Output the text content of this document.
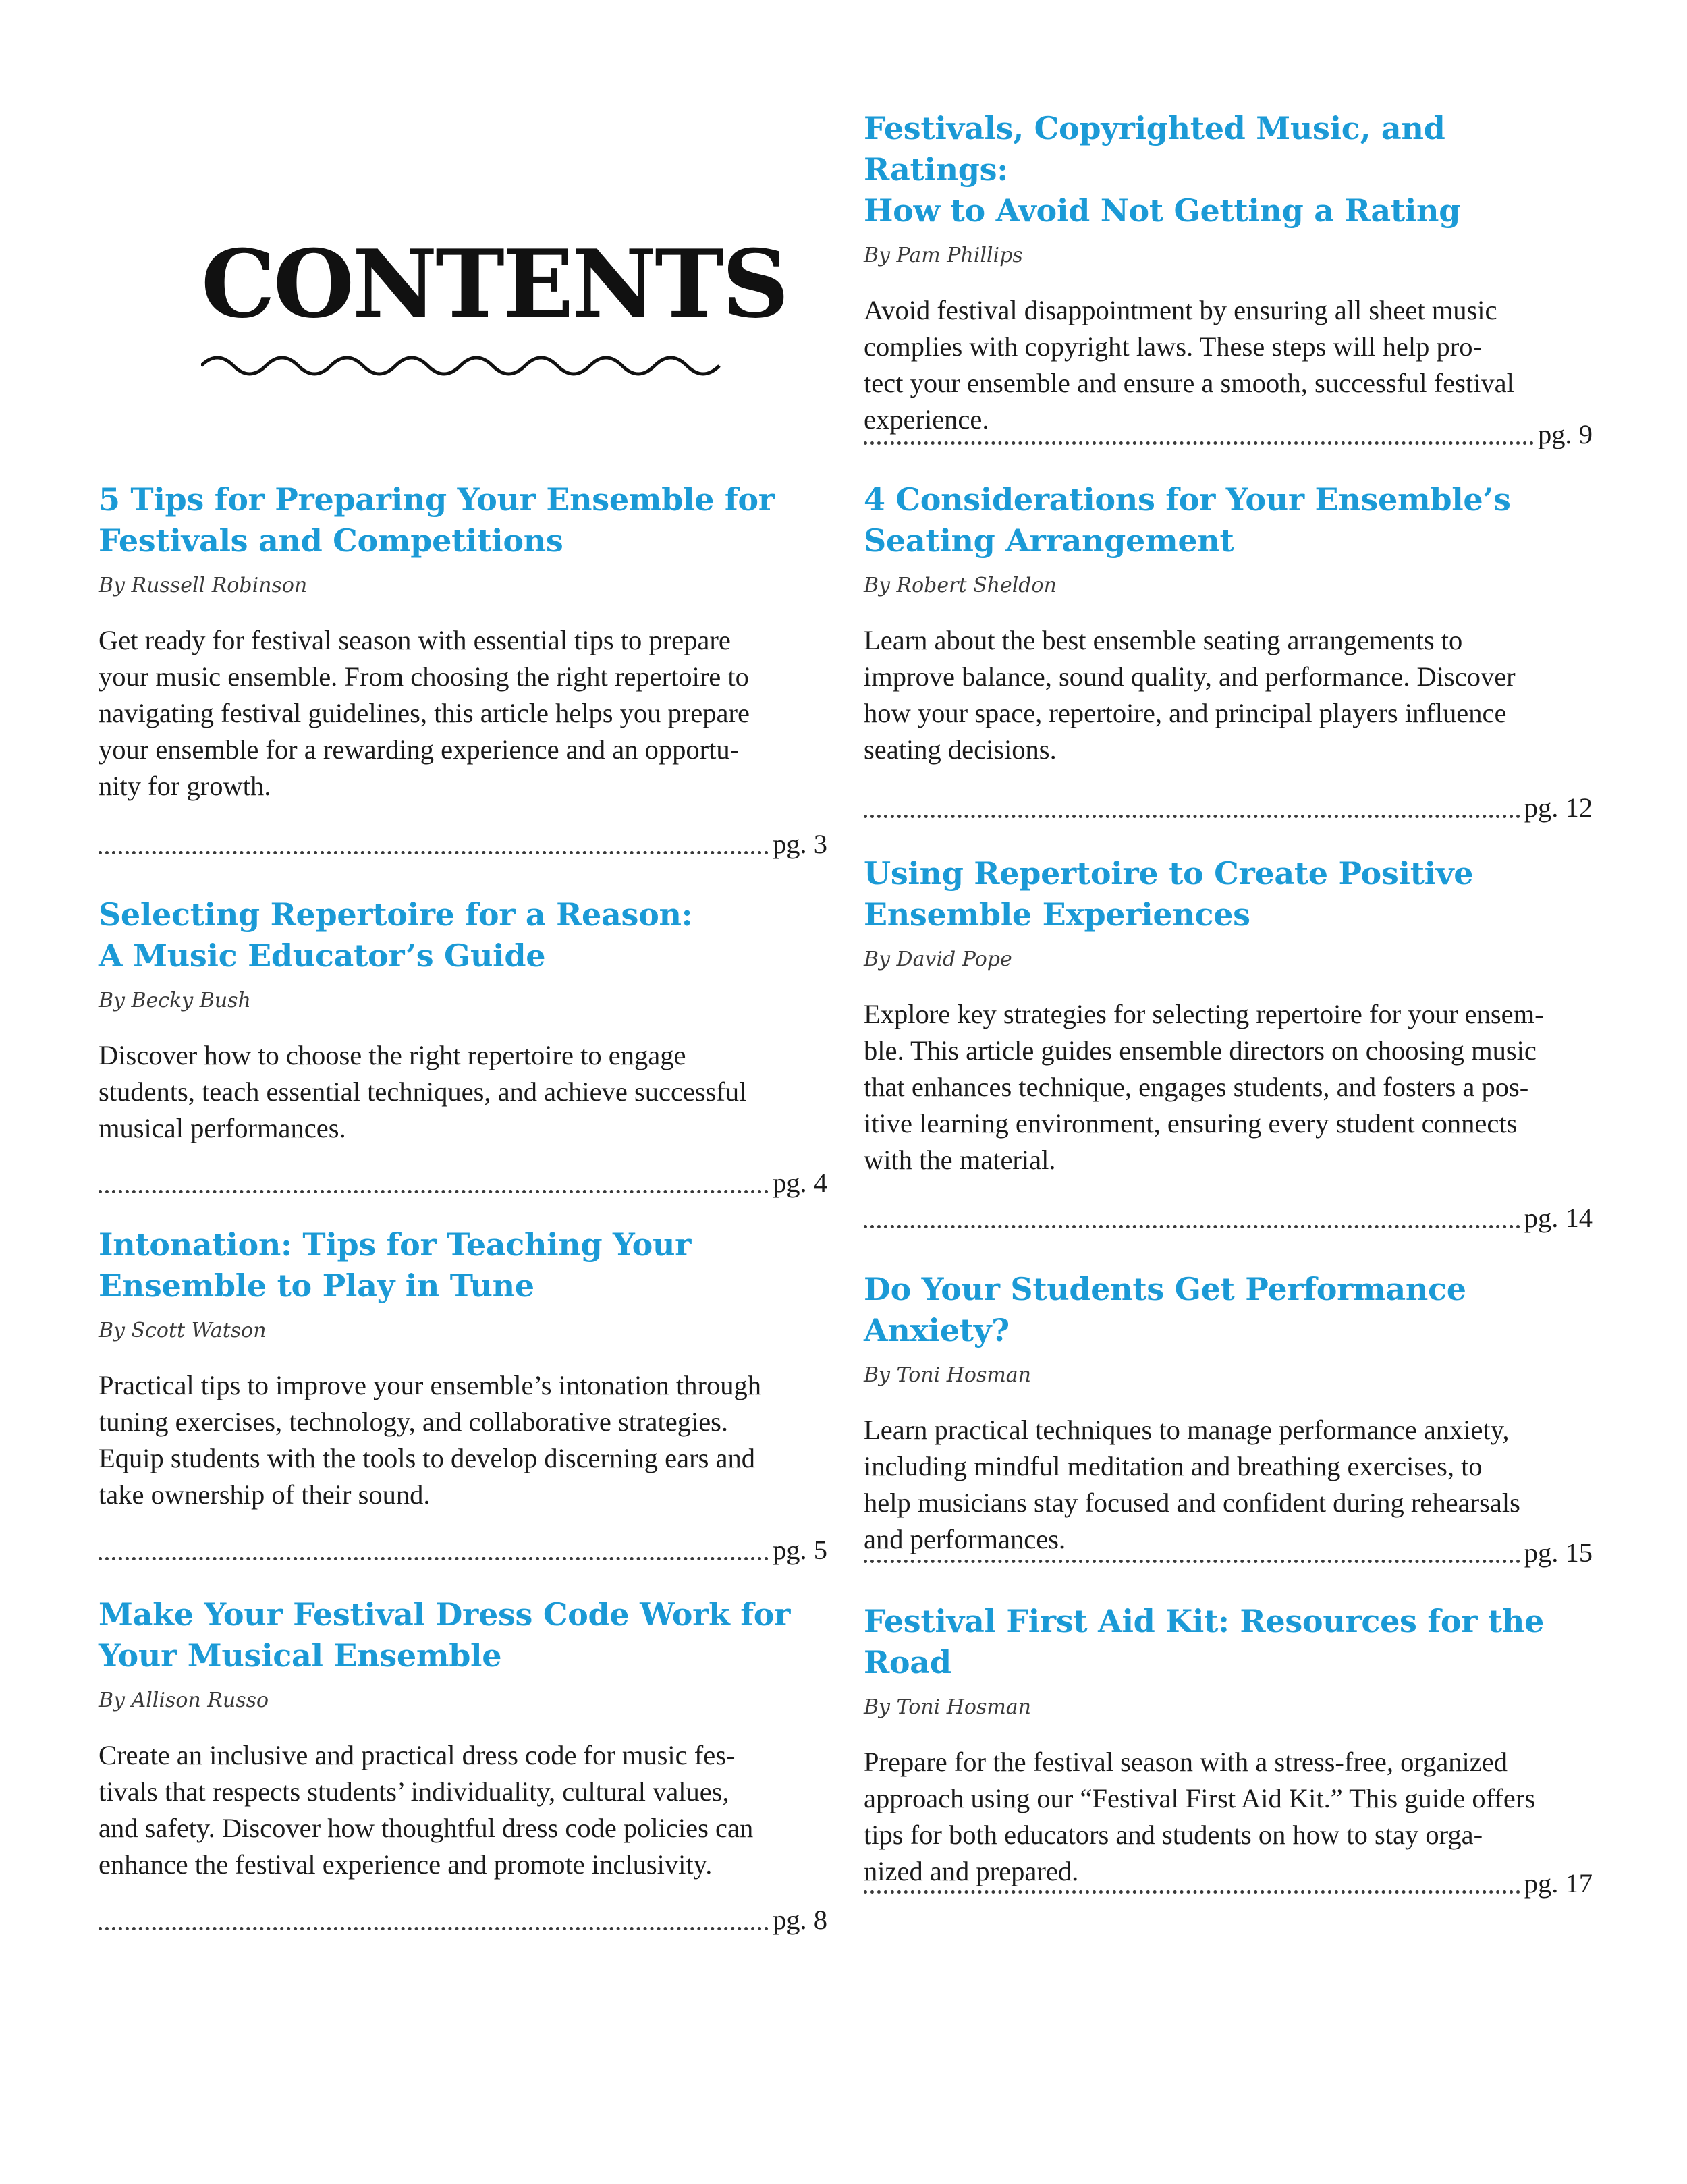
CONTENTS
5 Tips for Preparing Your Ensemble for
Festivals and Competitions

By Russell Robinson

Get ready for festival season with essential tips to prepare
your music ensemble. From choosing the right repertoire to
navigating festival guidelines, this article helps you prepare
your ensemble for a rewarding experience and an opportu-
nity for growth.

pg. 3
Selecting Repertoire for a Reason:
A Music Educator’s Guide

By Becky Bush

Discover how to choose the right repertoire to engage
students, teach essential techniques, and achieve successful
musical performances.

pg. 4
Intonation: Tips for Teaching Your
Ensemble to Play in Tune

By Scott Watson

Practical tips to improve your ensemble’s intonation through
tuning exercises, technology, and collaborative strategies.
Equip students with the tools to develop discerning ears and
take ownership of their sound.

pg. 5
Make Your Festival Dress Code Work for
Your Musical Ensemble

By Allison Russo

Create an inclusive and practical dress code for music fes-
tivals that respects students’ individuality, cultural values,
and safety. Discover how thoughtful dress code policies can
enhance the festival experience and promote inclusivity.

pg. 8
Festivals, Copyrighted Music, and Ratings:
How to Avoid Not Getting a Rating

By Pam Phillips

Avoid festival disappointment by ensuring all sheet music
complies with copyright laws. These steps will help pro-
tect your ensemble and ensure a smooth, successful festival
experience.	pg. 9
4 Considerations for Your Ensemble’s
Seating Arrangement

By Robert Sheldon

Learn about the best ensemble seating arrangements to
improve balance, sound quality, and performance. Discover
how your space, repertoire, and principal players influence
seating decisions.

pg. 12
Using Repertoire to Create Positive
Ensemble Experiences

By David Pope

Explore key strategies for selecting repertoire for your ensem-
ble. This article guides ensemble directors on choosing music
that enhances technique, engages students, and fosters a pos-
itive learning environment, ensuring every student connects
with the material.

pg. 14
Do Your Students Get Performance Anxiety?

By Toni Hosman

Learn practical techniques to manage performance anxiety,
including mindful meditation and breathing exercises, to
help musicians stay focused and confident during rehearsals
and performances.	pg. 15
Festival First Aid Kit: Resources for the Road

By Toni Hosman

Prepare for the festival season with a stress-free, organized
approach using our “Festival First Aid Kit.” This guide offers
tips for both educators and students on how to stay orga-
nized and prepared.	pg. 17
